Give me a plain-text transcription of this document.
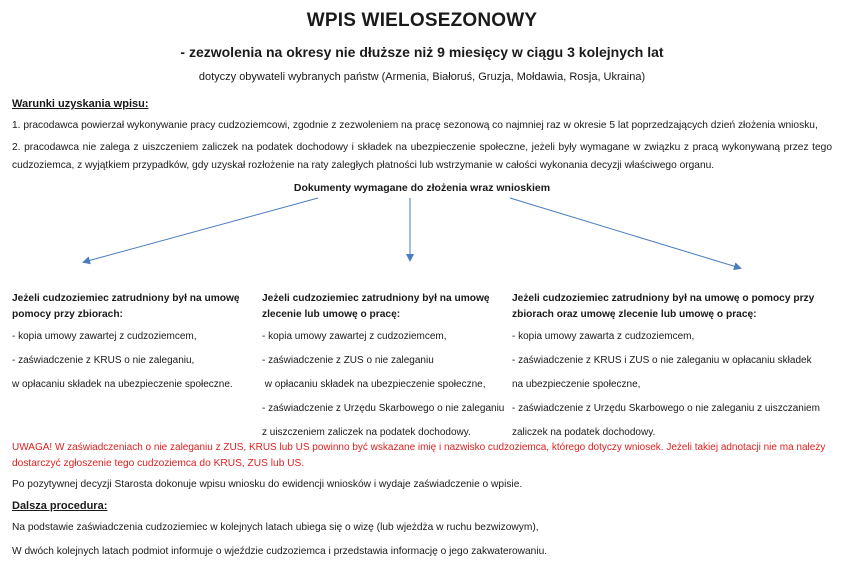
WPIS WIELOSEZONOWY
- zezwolenia na okresy nie dłuższe niż 9 miesięcy w ciągu 3 kolejnych lat
dotyczy obywateli wybranych państw (Armenia, Białoruś, Gruzja, Mołdawia, Rosja, Ukraina)
Warunki uzyskania wpisu:
1. pracodawca powierzał wykonywanie pracy cudzoziemcowi, zgodnie z zezwoleniem na pracę sezonową co najmniej raz w okresie 5 lat poprzedzających dzień złożenia wniosku,
2. pracodawca nie zalega z uiszczeniem zaliczek na podatek dochodowy i składek na ubezpieczenie społeczne, jeżeli były wymagane w związku z pracą wykonywaną przez tego cudzoziemca, z wyjątkiem przypadków, gdy uzyskał rozłożenie na raty zaległych płatności lub wstrzymanie w całości wykonania decyzji właściwego organu.
Dokumenty wymagane do złożenia wraz wnioskiem
Jeżeli cudzoziemiec zatrudniony był na umowę
pomocy przy zbiorach:
- kopia umowy zawartej z cudzoziemcem,
- zaświadczenie z KRUS o nie zaleganiu,
w opłacaniu składek na ubezpieczenie społeczne.
Jeżeli cudzoziemiec zatrudniony był na umowę
zlecenie lub umowę o pracę:
- kopia umowy zawartej z cudzoziemcem,
- zaświadczenie z ZUS o nie zaleganiu
w opłacaniu składek na ubezpieczenie społeczne,
- zaświadczenie z Urzędu Skarbowego o nie zaleganiu
z uiszczeniem zaliczek na podatek dochodowy.
Jeżeli cudzoziemiec zatrudniony był na umowę o pomocy przy
zbiorach oraz umowę zlecenie lub umowę o pracę:
- kopia umowy zawarta z cudzoziemcem,
- zaświadczenie z KRUS i ZUS o nie zaleganiu w opłacaniu składek
na ubezpieczenie społeczne,
- zaświadczenie z Urzędu Skarbowego o nie zaleganiu z uiszczaniem
zaliczek na podatek dochodowy.
UWAGA! W zaświadczeniach o nie zaleganiu z ZUS, KRUS lub US powinno być wskazane imię i nazwisko cudzoziemca, którego dotyczy wniosek. Jeżeli takiej adnotacji nie ma należy
dostarczyć zgłoszenie tego cudzoziemca do KRUS, ZUS lub US.
Po pozytywnej decyzji Starosta dokonuje wpisu wniosku do ewidencji wniosków i wydaje zaświadczenie o wpisie.
Dalsza procedura:
Na podstawie zaświadczenia cudzoziemiec w kolejnych latach ubiega się o wizę (lub wjeżdża w ruchu bezwizowym),
W dwóch kolejnych latach podmiot informuje o wjeździe cudzoziemca i przedstawia informację o jego zakwaterowaniu.
